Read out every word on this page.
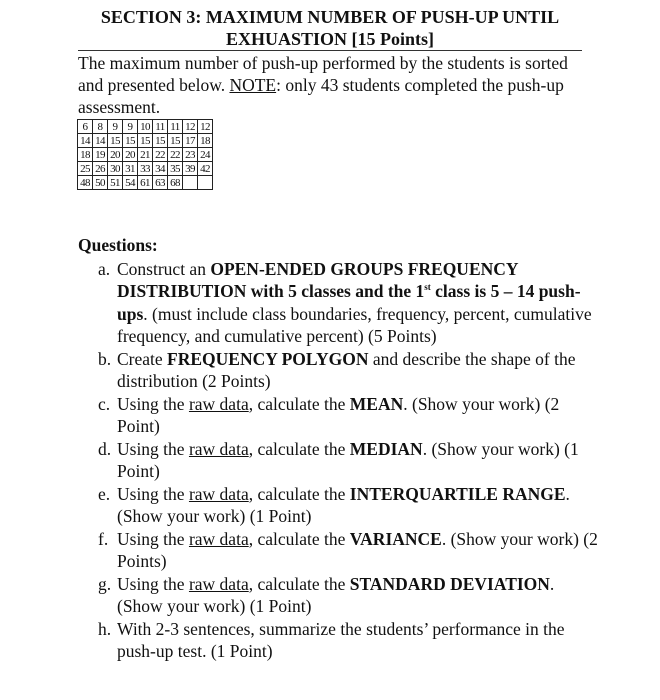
SECTION 3: MAXIMUM NUMBER OF PUSH-UP UNTIL
EXHUASTION [15 Points]
The maximum number of push-up performed by the students is sorted and presented below. NOTE: only 43 students completed the push-up assessment.
6	8	9	9	10	11	11	12	12
14	14	15	15	15	15	15	17	18
18	19	20	20	21	22	22	23	24
25	26	30	31	33	34	35	39	42
48	50	51	54	61	63	68		
Questions:
a. Construct an OPEN-ENDED GROUPS FREQUENCY DISTRIBUTION with 5 classes and the 1st class is 5 – 14 push-ups. (must include class boundaries, frequency, percent, cumulative frequency, and cumulative percent) (5 Points)
b. Create FREQUENCY POLYGON and describe the shape of the distribution (2 Points)
c. Using the raw data, calculate the MEAN. (Show your work) (2 Point)
d. Using the raw data, calculate the MEDIAN. (Show your work) (1 Point)
e. Using the raw data, calculate the INTERQUARTILE RANGE. (Show your work) (1 Point)
f. Using the raw data, calculate the VARIANCE. (Show your work) (2 Points)
g. Using the raw data, calculate the STANDARD DEVIATION. (Show your work) (1 Point)
h. With 2-3 sentences, summarize the students’ performance in the push-up test. (1 Point)
